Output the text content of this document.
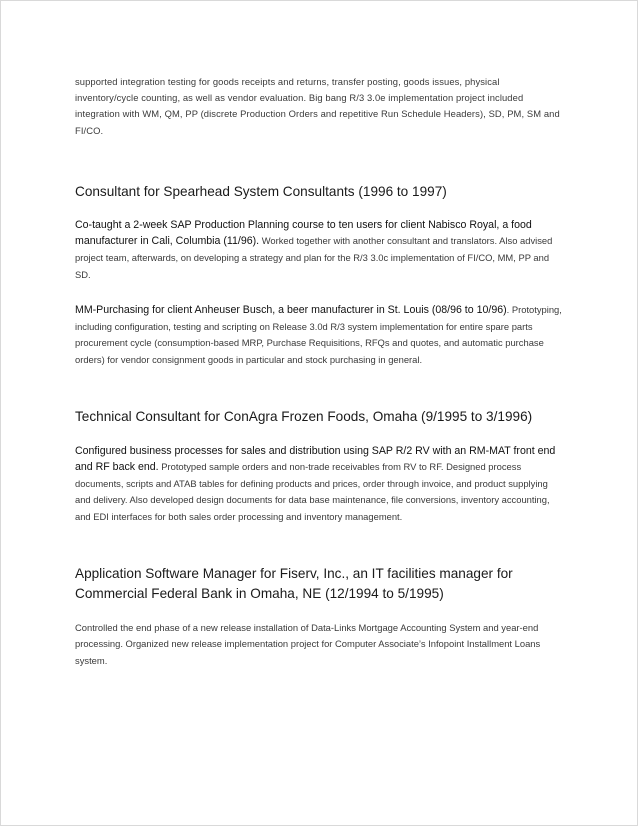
supported integration testing for goods receipts and returns, transfer posting, goods issues, physical inventory/cycle counting, as well as vendor evaluation. Big bang R/3 3.0e implementation project included integration with WM, QM, PP (discrete Production Orders and repetitive Run Schedule Headers), SD, PM, SM and FI/CO.

Consultant for Spearhead System Consultants (1996 to 1997)

Co-taught a 2-week SAP Production Planning course to ten users for client Nabisco Royal, a food manufacturer in Cali, Columbia (11/96). Worked together with another consultant and translators. Also advised project team, afterwards, on developing a strategy and plan for the R/3 3.0c implementation of FI/CO, MM, PP and SD.

MM-Purchasing for client Anheuser Busch, a beer manufacturer in St. Louis (08/96 to 10/96). Prototyping, including configuration, testing and scripting on Release 3.0d R/3 system implementation for entire spare parts procurement cycle (consumption-based MRP, Purchase Requisitions, RFQs and quotes, and automatic purchase orders) for vendor consignment goods in particular and stock purchasing in general.

Technical Consultant for ConAgra Frozen Foods, Omaha (9/1995 to 3/1996)

Configured business processes for sales and distribution using SAP R/2 RV with an RM-MAT front end and RF back end. Prototyped sample orders and non-trade receivables from RV to RF. Designed process documents, scripts and ATAB tables for defining products and prices, order through invoice, and product supplying and delivery. Also developed design documents for data base maintenance, file conversions, inventory accounting, and EDI interfaces for both sales order processing and inventory management.

Application Software Manager for Fiserv, Inc., an IT facilities manager for Commercial Federal Bank in Omaha, NE (12/1994 to 5/1995)

Controlled the end phase of a new release installation of Data-Links Mortgage Accounting System and year-end processing. Organized new release implementation project for Computer Associate’s Infopoint Installment Loans system.
